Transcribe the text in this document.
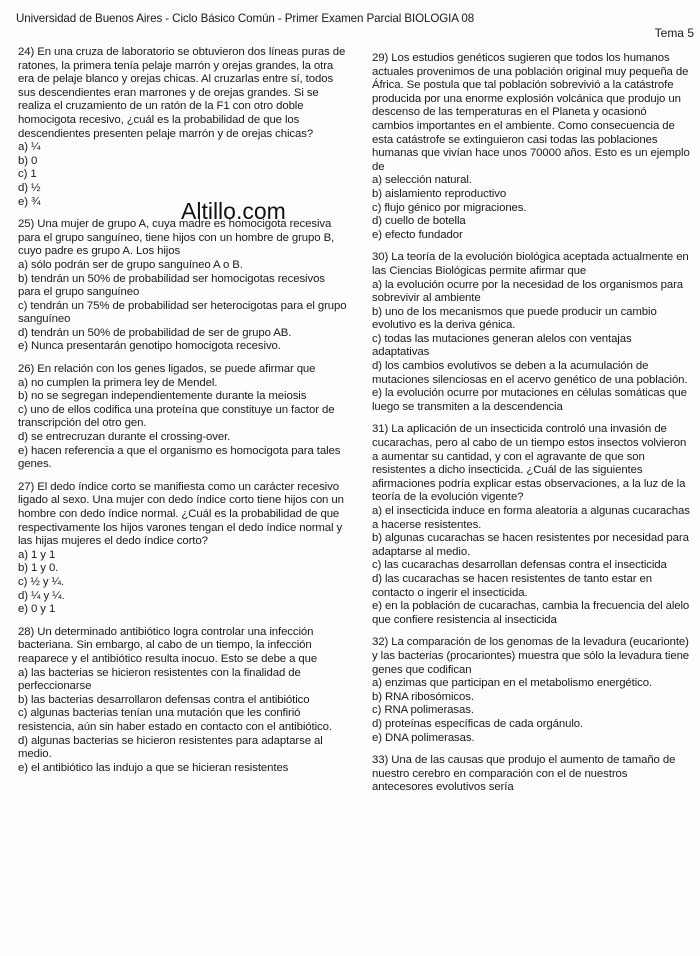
Universidad de Buenos Aires - Ciclo Básico Común - Primer Examen Parcial BIOLOGIA 08
Tema 5
Altillo.com

24) En una cruza de laboratorio se obtuvieron dos líneas puras de ratones, la primera tenía pelaje marrón y orejas grandes, la otra era de pelaje blanco y orejas chicas. Al cruzarlas entre sí, todos sus descendientes eran marrones y de orejas grandes. Si se realiza el cruzamiento de un ratón de la F1 con otro doble homocigota recesivo, ¿cuál es la probabilidad de que los descendientes presenten pelaje marrón y de orejas chicas?

a) ¼

b) 0

c) 1

d) ½

e) ¾

25) Una mujer de grupo A, cuya madre es homocigota recesiva para el grupo sanguíneo, tiene hijos con un hombre de grupo B, cuyo padre es grupo A. Los hijos

a) sólo podrán ser de grupo sanguíneo A o B.

b) tendrán un 50% de probabilidad ser homocigotas recesivos para el grupo sanguíneo

c) tendrán un 75% de probabilidad ser heterocigotas para el grupo sanguíneo

d) tendrán un 50% de probabilidad de ser de grupo AB.

e) Nunca presentarán genotipo homocigota recesivo.

26) En relación con los genes ligados, se puede afirmar que

a) no cumplen la primera ley de Mendel.

b) no se segregan independientemente durante la meiosis

c) uno de ellos codifica una proteína que constituye un factor de transcripción del otro gen.

d) se entrecruzan durante el crossing-over.

e) hacen referencia a que el organismo es homocigota para tales genes.

27) El dedo índice corto se manifiesta como un carácter recesivo ligado al sexo. Una mujer con dedo índice corto tiene hijos con un hombre con dedo índice normal. ¿Cuál es la probabilidad de que respectivamente los hijos varones tengan el dedo índice normal y las hijas mujeres el dedo índice corto?

a) 1 y 1

b) 1 y 0.

c) ½ y ¼.

d) ¼ y ¼.

e) 0 y 1

28) Un determinado antibiótico logra controlar una infección bacteriana. Sin embargo, al cabo de un tiempo, la infección reaparece y el antibiótico resulta inocuo. Esto se debe a que

a) las bacterias se hicieron resistentes con la finalidad de perfeccionarse

b) las bacterias desarrollaron defensas contra el antibiótico

c) algunas bacterias tenían una mutación que les confirió resistencia, aún sin haber estado en contacto con el antibiótico.

d) algunas bacterias se hicieron resistentes para adaptarse al medio.

e) el antibiótico las indujo a que se hicieran resistentes

29) Los estudios genéticos sugieren que todos los humanos actuales provenimos de una población original muy pequeña de África. Se postula que tal población sobrevivió a la catástrofe producida por una enorme explosión volcánica que produjo un descenso de las temperaturas en el Planeta y ocasionó cambios importantes en el ambiente. Como consecuencia de esta catástrofe se extinguieron casi todas las poblaciones humanas que vivían hace unos 70000 años. Esto es un ejemplo de

a) selección natural.

b) aislamiento reproductivo

c) flujo génico por migraciones.

d) cuello de botella

e) efecto fundador

30) La teoría de la evolución biológica aceptada actualmente en las Ciencias Biológicas permite afirmar que

a) la evolución ocurre por la necesidad de los organismos para sobrevivir al ambiente

b) uno de los mecanismos que puede producir un cambio evolutivo es la deriva génica.

c) todas las mutaciones generan alelos con ventajas adaptativas

d) los cambios evolutivos se deben a la acumulación de mutaciones silenciosas en el acervo genético de una población.

e) la evolución ocurre por mutaciones en células somáticas que luego se transmiten a la descendencia

31) La aplicación de un insecticida controló una invasión de cucarachas, pero al cabo de un tiempo estos insectos volvieron a aumentar su cantidad, y con el agravante de que son resistentes a dicho insecticida. ¿Cuál de las siguientes afirmaciones podría explicar estas observaciones, a la luz de la teoría de la evolución vigente?

a) el insecticida induce en forma aleatoria a algunas cucarachas a hacerse resistentes.

b) algunas cucarachas se hacen resistentes por necesidad para adaptarse al medio.

c) las cucarachas desarrollan defensas contra el insecticida

d) las cucarachas se hacen resistentes de tanto estar en contacto o ingerir el insecticida.

e) en la población de cucarachas, cambia la frecuencia del alelo que confiere resistencia al insecticida

32) La comparación de los genomas de la levadura (eucarionte) y las bacterias (procariontes) muestra que sólo la levadura tiene genes que codifican

a) enzimas que participan en el metabolismo energético.

b) RNA ribosómicos.

c) RNA polimerasas.

d) proteínas específicas de cada orgánulo.

e) DNA polimerasas.

33) Una de las causas que produjo el aumento de tamaño de nuestro cerebro en comparación con el de nuestros antecesores evolutivos sería
